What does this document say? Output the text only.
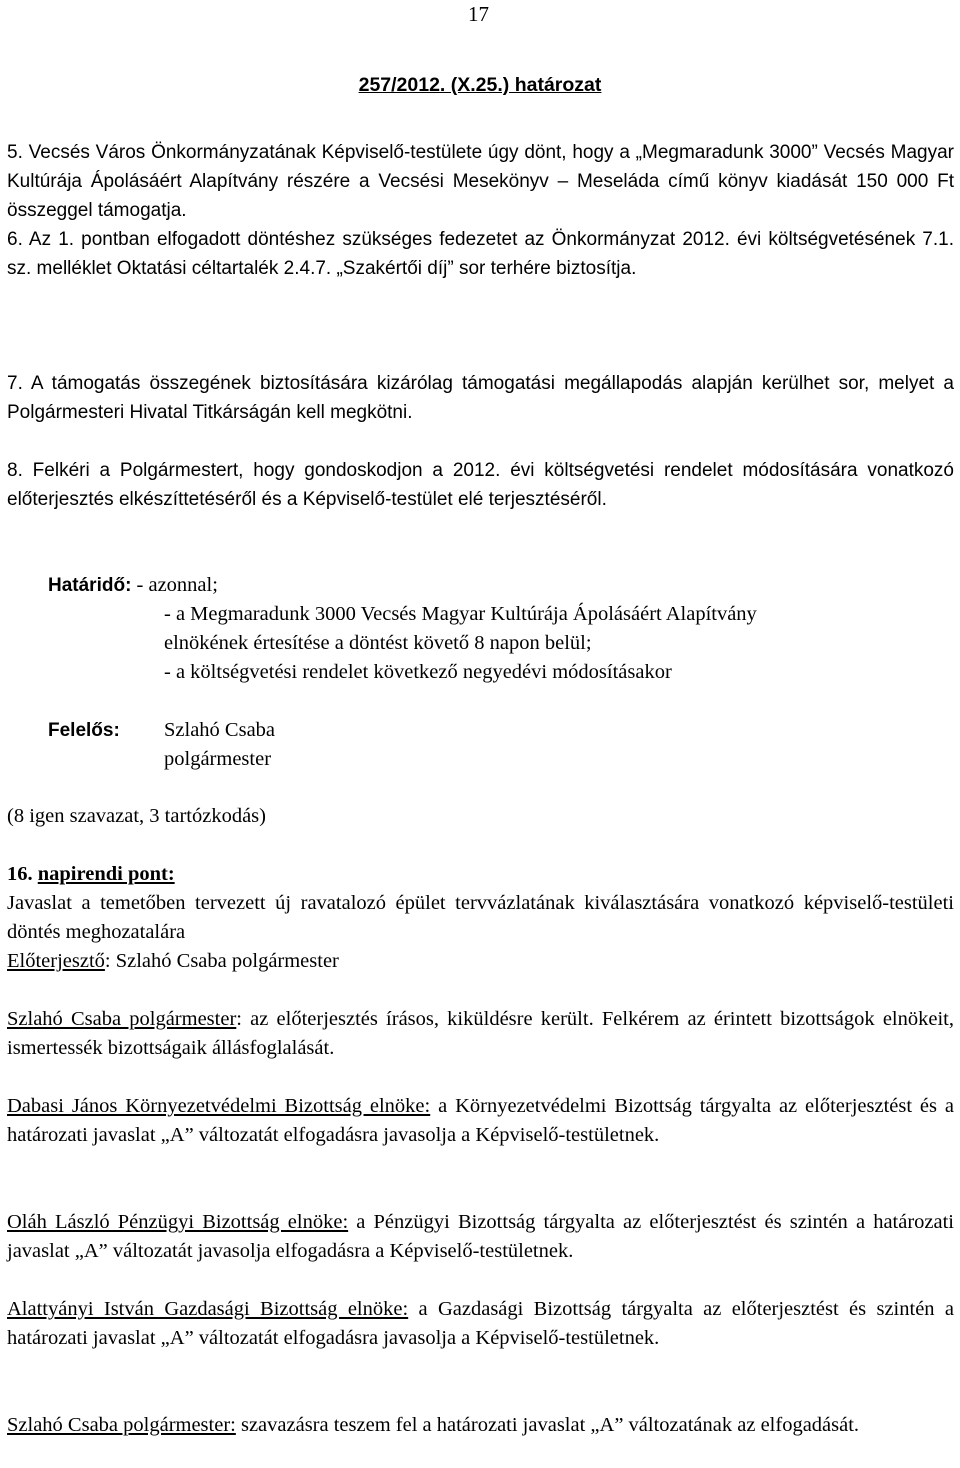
17
257/2012. (X.25.) határozat
5. Vecsés Város Önkormányzatának Képviselő-testülete úgy dönt, hogy a „Megmaradunk 3000” Vecsés Magyar Kultúrája Ápolásáért Alapítvány részére a Vecsési Mesekönyv – Meseláda című könyv kiadását 150 000 Ft összeggel támogatja.
6. Az 1. pontban elfogadott döntéshez szükséges fedezetet az Önkormányzat 2012. évi költségvetésének 7.1. sz. melléklet Oktatási céltartalék 2.4.7. „Szakértői díj” sor terhére biztosítja.
7. A támogatás összegének biztosítására kizárólag támogatási megállapodás alapján kerülhet sor, melyet a Polgármesteri Hivatal Titkárságán kell megkötni.
8. Felkéri a Polgármestert, hogy gondoskodjon a 2012. évi költségvetési rendelet módosítására vonatkozó előterjesztés elkészíttetéséről és a Képviselő-testület elé terjesztéséről.
Határidő: - azonnal;
- a Megmaradunk 3000 Vecsés Magyar Kultúrája Ápolásáért Alapítvány
elnökének értesítése a döntést követő 8 napon belül;
- a költségvetési rendelet következő negyedévi módosításakor
Felelős: Szlahó Csaba
polgármester
(8 igen szavazat, 3 tartózkodás)
16. napirendi pont:
Javaslat a temetőben tervezett új ravatalozó épület tervvázlatának kiválasztására vonatkozó képviselő-testületi döntés meghozatalára
Előterjesztő: Szlahó Csaba polgármester
Szlahó Csaba polgármester: az előterjesztés írásos, kiküldésre került. Felkérem az érintett bizottságok elnökeit, ismertessék bizottságaik állásfoglalását.
Dabasi János Környezetvédelmi Bizottság elnöke: a Környezetvédelmi Bizottság tárgyalta az előterjesztést és a határozati javaslat „A” változatát elfogadásra javasolja a Képviselő-testületnek.
Oláh László Pénzügyi Bizottság elnöke: a Pénzügyi Bizottság tárgyalta az előterjesztést és szintén a határozati javaslat „A” változatát javasolja elfogadásra a Képviselő-testületnek.
Alattyányi István Gazdasági Bizottság elnöke: a Gazdasági Bizottság tárgyalta az előterjesztést és szintén a határozati javaslat „A” változatát elfogadásra javasolja a Képviselő-testületnek.
Szlahó Csaba polgármester: szavazásra teszem fel a határozati javaslat „A” változatának az elfogadását.
